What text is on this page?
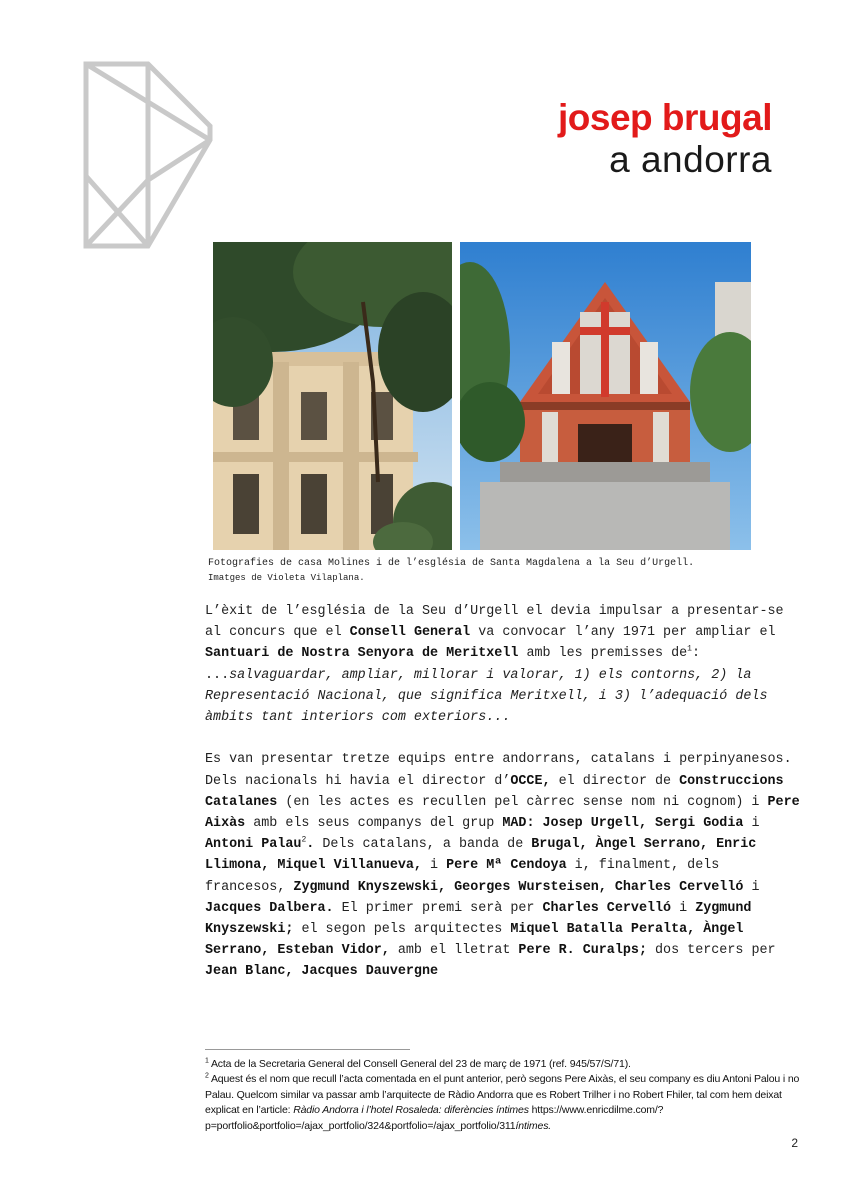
josep brugal
a andorra
Fotografies de casa Molines i de l’església de Santa Magdalena a la Seu d’Urgell.
Imatges de Violeta Vilaplana.

L’èxit de l’església de la Seu d’Urgell el devia impulsar a presentar-se al concurs que el Consell General va convocar l’any 1971 per ampliar el Santuari de Nostra Senyora de Meritxell amb les premisses $de^1$: ...salvaguardar, ampliar, millorar i valorar, 1) els contorns, 2) la Representació Nacional, que significa Meritxell, i 3) l’adequació dels àmbits tant interiors com exteriors...

Es van presentar tretze equips entre andorrans, catalans i perpinyanesos. Dels nacionals hi havia el director d’OCCE, el director de Construccions Catalanes (en les actes es recullen pel càrrec sense nom ni cognom) i Pere Aixàs amb els seus companys del grup MAD: Josep Urgell, Sergi Godia i Antoni Palau$^2$. Dels catalans, a banda de Brugal, Àngel Serrano, Enric Llimona, Miquel Villanueva, i Pere Mª Cendoya i, finalment, dels francesos, Zygmund Knyszewski, Georges Wursteisen, Charles Cervelló i Jacques Dalbera. El primer premi serà per Charles Cervelló i Zygmund Knyszewski; el segon pels arquitectes Miquel Batalla Peralta, Àngel Serrano, Esteban Vidor, amb el lletrat Pere R. Curalps; dos tercers per Jean Blanc, Jacques Dauvergne

$^1$ Acta de la Secretaria General del Consell General del 23 de març de 1971 (ref. 945/57/S/71).

$^2$ Aquest és el nom que recull l’acta comentada en el punt anterior, però segons Pere Aixàs, el seu company es diu Antoni Palou i no Palau. Quelcom similar va passar amb l’arquitecte de Ràdio Andorra que es Robert Trilher i no Robert Fhiler, tal com hem deixat explicat en l’article: Ràdio Andorra i l’hotel Rosaleda: diferències íntimes https://www.enricdilme.com/?p=portfolio&portfolio=/ajax_portfolio/324&portfolio=/ajax_portfolio/311íntimes.

2
